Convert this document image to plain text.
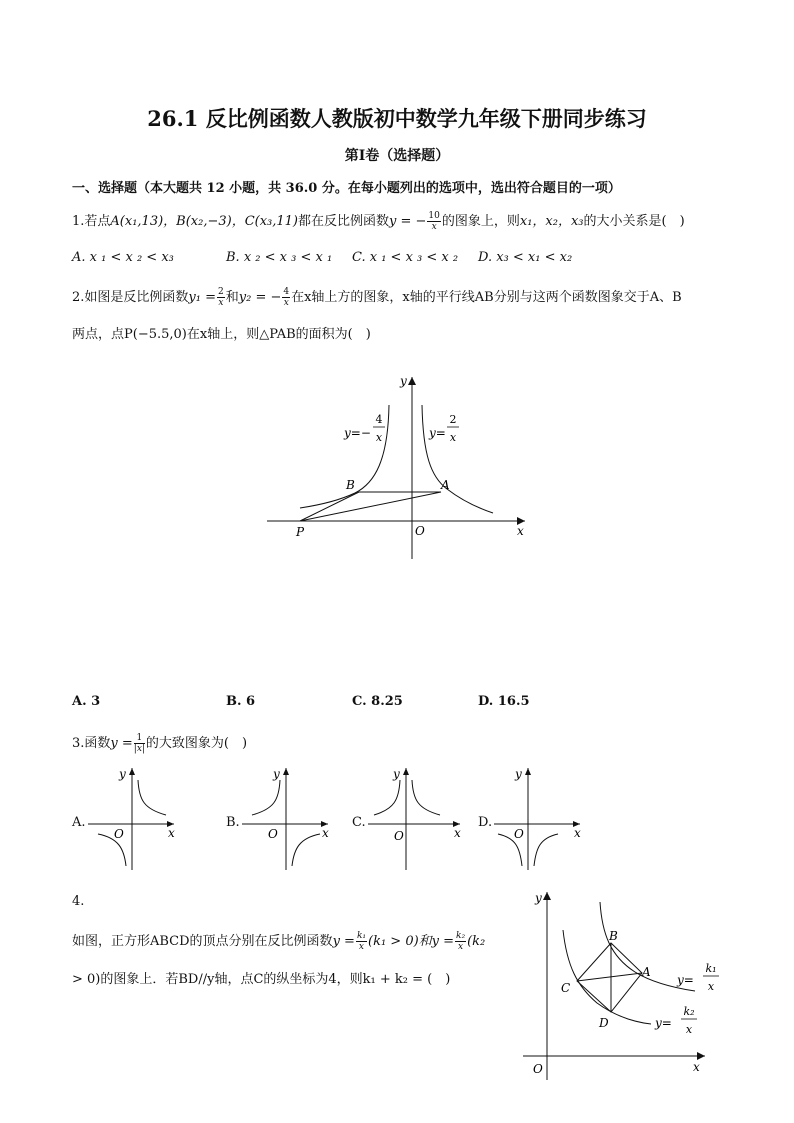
26.1 反比例函数人教版初中数学九年级下册同步练习
第Ⅰ卷（选择题）
一、选择题（本大题共 12 小题，共 36.0 分。在每小题列出的选项中，选出符合题目的一项）
1.若点A(x₁,13)，B(x₂,−3)，C(x₃,11)都在反比例函数y = − $\frac{10}{x}$ 的图象上，则x₁，x₂，x₃的大小关系是(　)
A. x ₁ < x ₂ < x₃	B. x ₂ < x ₃ < x ₁ C. x ₁ < x ₃ < x ₂ D. x₃ < x₁ < x₂
2.如图是反比例函数$y_1 = \frac{2}{x}$ 和y₂ = − $\frac{4}{x}$ 在x轴上方的图象，x轴的平行线AB分别与这两个函数图象交于A、B
两点，点P(−5.5,0)在x轴上，则△PAB的面积为(　)
y
x
O
y=−
4
x	y=
2
x
A
B
P
A. 3	B. 6	C. 8.25	D. 16.5
3.函数$y = \frac{1}{|x|}$ 的大致图象为(　)
A.
y
x
O
B.
y
x
O
C.
y
x
O
D.
y
x
O
4.
如图，正方形ABCD的顶点分别在反比例函数$y = \frac{\text{k₁}}{x} (k_1 > 0)$和$y = \frac{\text{k₂}}{x} (k_2$
> 0)的图象上．若BD//y轴，点C的纵坐标为4，则k₁ + k₂ = (　)
B
A
C
D
y
x
O
y=
k₁
x
y=
k₂
x
